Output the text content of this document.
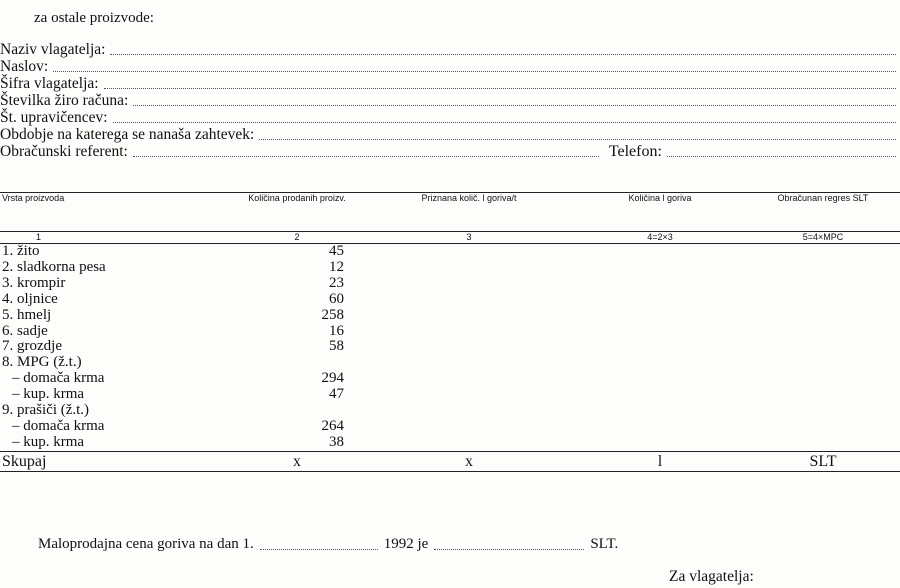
za ostale proizvode:
Naziv vlagatelja:
Naslov:
Šifra vlagatelja:
Številka žiro računa:
Št. upravičencev:
Obdobje na katerega se nanaša zahtevek:
Obračunski referent:	Telefon:
Vrsta proizvoda	Količina prodanih proizv.	Priznana količ. l goriva/t	Količina l goriva	Obračunan regres SLT
1	2	3	4=2×3	5=4×MPC
1. žito	45			
2. sladkorna pesa	12			
3. krompir	23			
4. oljnice	60			
5. hmelj	258			
6. sadje	16			
7. grozdje	58			
8. MPG (ž.t.)				
– domača krma	294			
– kup. krma	47			
9. prašiči (ž.t.)				
– domača krma	264			
– kup. krma	38			
Skupaj	x	x	l	SLT
Maloprodajna cena goriva na dan 1.	1992 je	SLT.
Za vlagatelja:
